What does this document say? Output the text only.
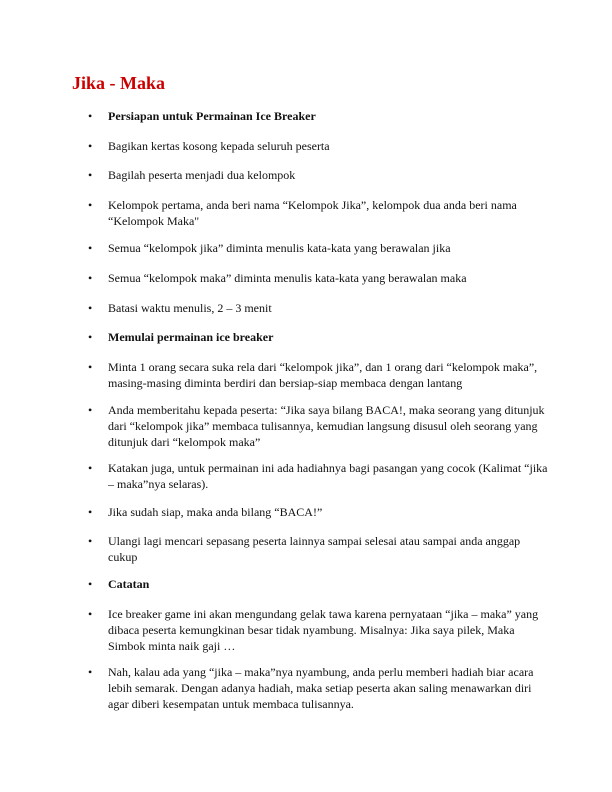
Jika - Maka
•	Persiapan untuk Permainan Ice Breaker
•	Bagikan kertas kosong kepada seluruh peserta
•	Bagilah peserta menjadi dua kelompok
•	Kelompok pertama, anda beri nama “Kelompok Jika”, kelompok dua anda beri nama “Kelompok Maka"
•	Semua “kelompok jika” diminta menulis kata-kata yang berawalan jika
•	Semua “kelompok maka” diminta menulis kata-kata yang berawalan maka
•	Batasi waktu menulis, 2 – 3 menit
•	Memulai permainan ice breaker
•	Minta 1 orang secara suka rela dari “kelompok jika”, dan 1 orang dari “kelompok maka”, masing-masing diminta berdiri dan bersiap-siap membaca dengan lantang
•	Anda memberitahu kepada peserta: “Jika saya bilang BACA!, maka seorang yang ditunjuk dari “kelompok jika” membaca tulisannya, kemudian langsung disusul oleh seorang yang ditunjuk dari “kelompok maka”
•	Katakan juga, untuk permainan ini ada hadiahnya bagi pasangan yang cocok (Kalimat “jika – maka”nya selaras).
•	Jika sudah siap, maka anda bilang “BACA!”
•	Ulangi lagi mencari sepasang peserta lainnya sampai selesai atau sampai anda anggap cukup
•	Catatan
•	Ice breaker game ini akan mengundang gelak tawa karena pernyataan “jika – maka” yang dibaca peserta kemungkinan besar tidak nyambung. Misalnya: Jika saya pilek, Maka Simbok minta naik gaji …
•	Nah, kalau ada yang “jika – maka”nya nyambung, anda perlu memberi hadiah biar acara lebih semarak. Dengan adanya hadiah, maka setiap peserta akan saling menawarkan diri agar diberi kesempatan untuk membaca tulisannya.
